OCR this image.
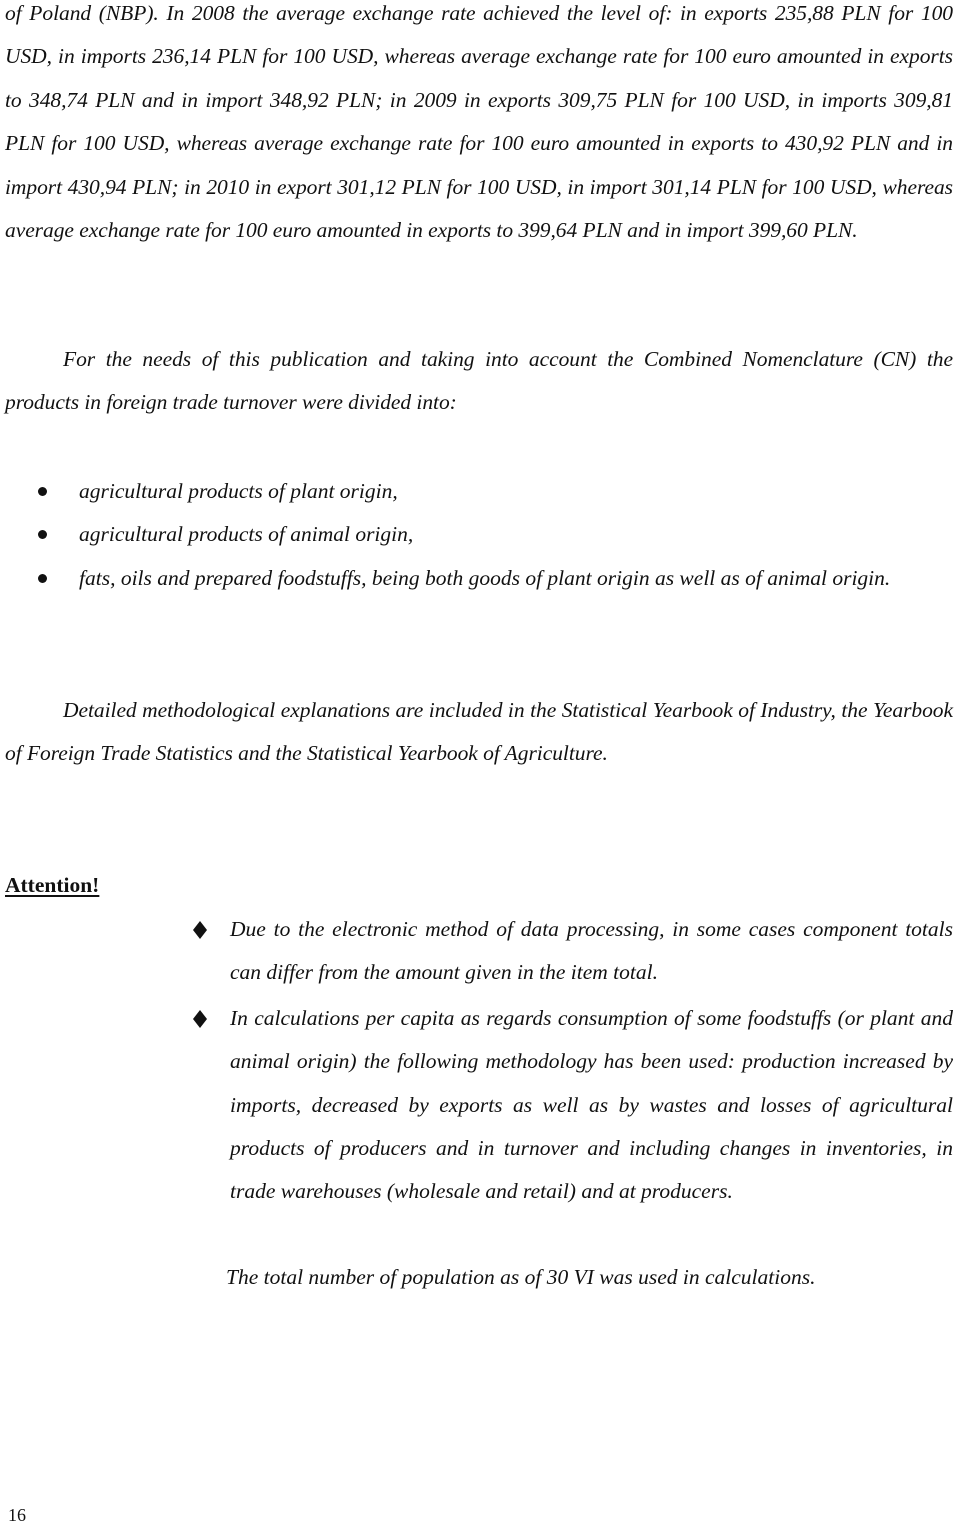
of Poland (NBP). In 2008 the average exchange rate achieved the level of: in exports 235,88 PLN for 100 USD, in imports 236,14 PLN for 100 USD, whereas average exchange rate for 100 euro amounted in exports to 348,74 PLN and in import 348,92 PLN; in 2009 in exports 309,75 PLN for 100 USD, in imports 309,81 PLN for 100 USD, whereas average exchange rate for 100 euro amounted in exports to 430,92 PLN and in import 430,94 PLN; in 2010 in export 301,12 PLN for 100 USD, in import 301,14 PLN for 100 USD, whereas average exchange rate for 100 euro amounted in exports to 399,64 PLN and in import 399,60 PLN.

For the needs of this publication and taking into account the Combined Nomenclature (CN) the products in foreign trade turnover were divided into:

agricultural products of plant origin,
agricultural products of animal origin,
fats, oils and prepared foodstuffs, being both goods of plant origin as well as of animal origin.

Detailed methodological explanations are included in the Statistical Yearbook of Industry, the Yearbook of Foreign Trade Statistics and the Statistical Yearbook of Agriculture.

Attention!

Due to the electronic method of data processing, in some cases component totals can differ from the amount given in the item total.
In calculations per capita as regards consumption of some foodstuffs (or plant and animal origin) the following methodology has been used: production increased by imports, decreased by exports as well as by wastes and losses of agricultural products of producers and in turnover and including changes in inventories, in trade warehouses (wholesale and retail) and at producers.

The total number of population as of 30 VI was used in calculations.

16
